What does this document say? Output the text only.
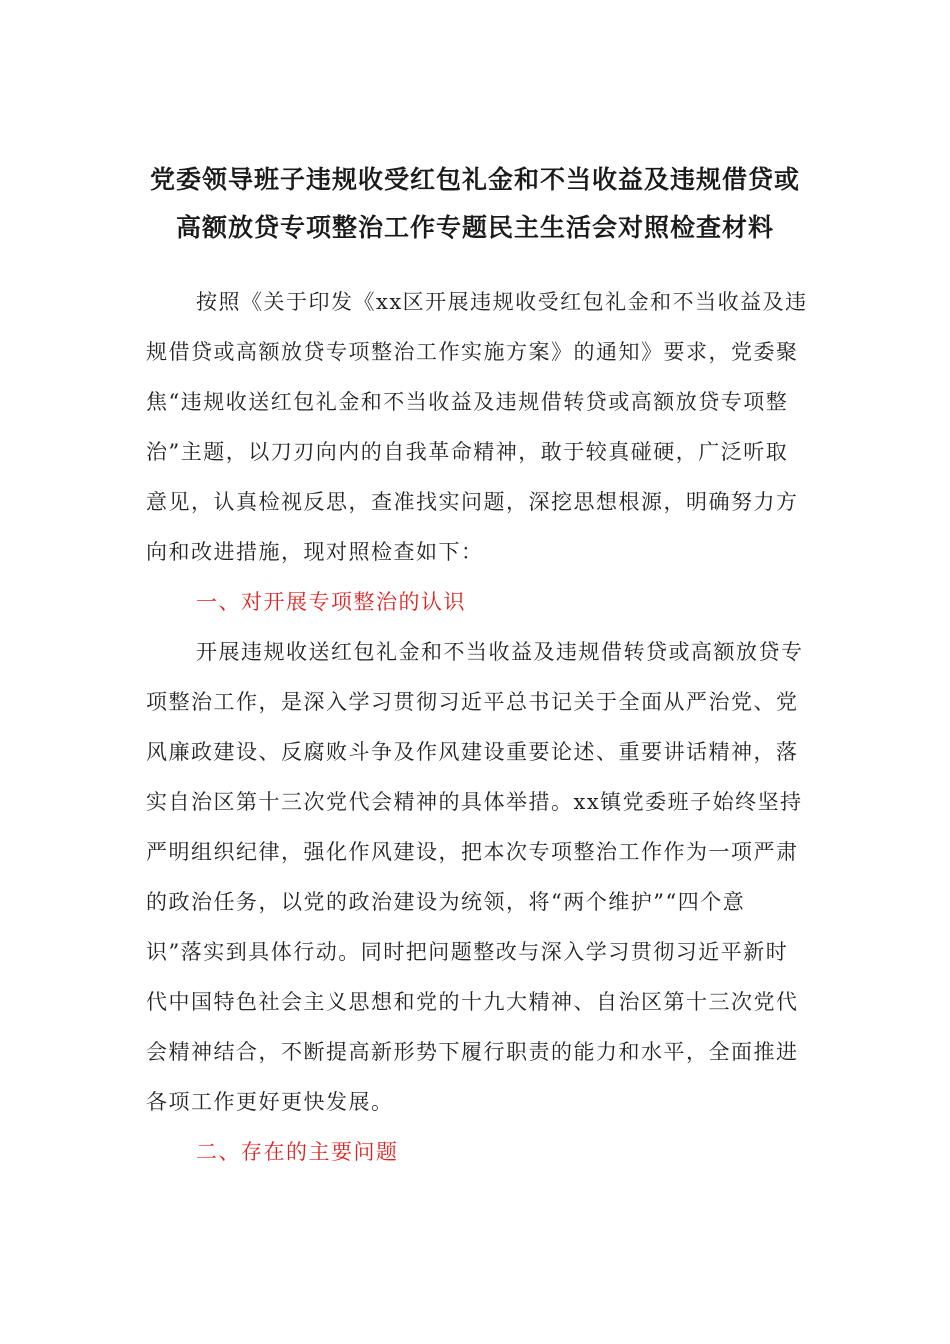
党委领导班子违规收受红包礼金和不当收益及违规借贷或
高额放贷专项整治工作专题民主生活会对照检查材料
按照《关于印发《xx区开展违规收受红包礼金和不当收益及违
规借贷或高额放贷专项整治工作实施方案》的通知》要求，党委聚
焦“违规收送红包礼金和不当收益及违规借转贷或高额放贷专项整
治”主题，以刀刃向内的自我革命精神，敢于较真碰硬，广泛听取
意见，认真检视反思，查准找实问题，深挖思想根源，明确努力方
向和改进措施，现对照检查如下：
一、对开展专项整治的认识
开展违规收送红包礼金和不当收益及违规借转贷或高额放贷专
项整治工作，是深入学习贯彻习近平总书记关于全面从严治党、党
风廉政建设、反腐败斗争及作风建设重要论述、重要讲话精神，落
实自治区第十三次党代会精神的具体举措。xx镇党委班子始终坚持
严明组织纪律，强化作风建设，把本次专项整治工作作为一项严肃
的政治任务，以党的政治建设为统领，将“两个维护”“四个意
识”落实到具体行动。同时把问题整改与深入学习贯彻习近平新时
代中国特色社会主义思想和党的十九大精神、自治区第十三次党代
会精神结合，不断提高新形势下履行职责的能力和水平，全面推进
各项工作更好更快发展。
二、存在的主要问题
